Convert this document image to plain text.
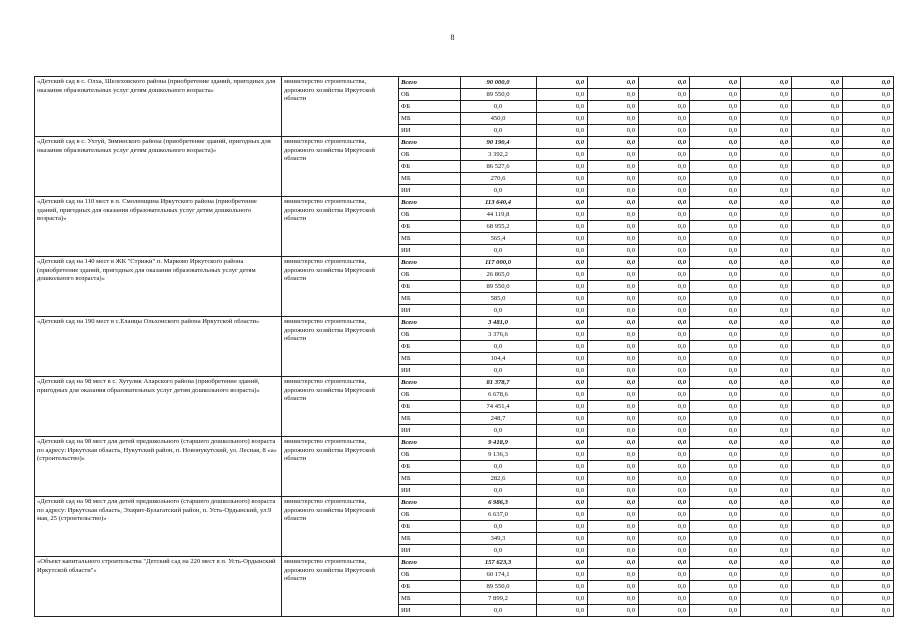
8
«Детский сад в с. Олха, Шелеховского района (приобретение зданий, пригодных для оказания образовательных услуг детям дошкольного возраста»	министерство строительства, дорожного хозяйства Иркутской области	Всего	90 000,0	0,0	0,0	0,0	0,0	0,0	0,0	0,0
		ОБ	89 550,0	0,0	0,0	0,0	0,0	0,0	0,0	0,0
		ФБ	0,0	0,0	0,0	0,0	0,0	0,0	0,0	0,0
		МБ	450,0	0,0	0,0	0,0	0,0	0,0	0,0	0,0
		ИИ	0,0	0,0	0,0	0,0	0,0	0,0	0,0	0,0
«Детский сад в с. Ухтуй, Зиминского района (приобретение зданий, пригодных для оказания образовательных услуг детям дошкольного возраста)»	министерство строительства, дорожного хозяйства Иркутской области	Всего	90 190,4	0,0	0,0	0,0	0,0	0,0	0,0	0,0
		ОБ	3 392,2	0,0	0,0	0,0	0,0	0,0	0,0	0,0
		ФБ	86 527,6	0,0	0,0	0,0	0,0	0,0	0,0	0,0
		МБ	270,6	0,0	0,0	0,0	0,0	0,0	0,0	0,0
		ИИ	0,0	0,0	0,0	0,0	0,0	0,0	0,0	0,0
«Детский сад на 110 мест в п. Смоленщина Иркутского района (приобретение зданий, пригодных для оказания образовательных услуг детям дошкольного возраста)»	министерство строительства, дорожного хозяйства Иркутской области	Всего	113 640,4	0,0	0,0	0,0	0,0	0,0	0,0	0,0
		ОБ	44 119,8	0,0	0,0	0,0	0,0	0,0	0,0	0,0
		ФБ	68 955,2	0,0	0,0	0,0	0,0	0,0	0,0	0,0
		МБ	565,4	0,0	0,0	0,0	0,0	0,0	0,0	0,0
		ИИ	0,0	0,0	0,0	0,0	0,0	0,0	0,0	0,0
«Детский сад на 140 мест в ЖК "Стрижи" п. Марково Иркутского района (приобретение зданий, пригодных для оказания образовательных услуг детям дошкольного возраста)»	министерство строительства, дорожного хозяйства Иркутской области	Всего	117 000,0	0,0	0,0	0,0	0,0	0,0	0,0	0,0
		ОБ	26 865,0	0,0	0,0	0,0	0,0	0,0	0,0	0,0
		ФБ	89 550,0	0,0	0,0	0,0	0,0	0,0	0,0	0,0
		МБ	585,0	0,0	0,0	0,0	0,0	0,0	0,0	0,0
		ИИ	0,0	0,0	0,0	0,0	0,0	0,0	0,0	0,0
«Детский сад на 190 мест в с.Еланцы Ольхонского района Иркутской области»	министерство строительства, дорожного хозяйства Иркутской области	Всего	3 481,0	0,0	0,0	0,0	0,0	0,0	0,0	0,0
		ОБ	3 376,6	0,0	0,0	0,0	0,0	0,0	0,0	0,0
		ФБ	0,0	0,0	0,0	0,0	0,0	0,0	0,0	0,0
		МБ	104,4	0,0	0,0	0,0	0,0	0,0	0,0	0,0
		ИИ	0,0	0,0	0,0	0,0	0,0	0,0	0,0	0,0
«Детский сад на 98 мест в с. Хутулик Аларского района (приобретение зданий, пригодных для оказания образовательных услуг детям дошкольного возраста)»	министерство строительства, дорожного хозяйства Иркутской области	Всего	81 378,7	0,0	0,0	0,0	0,0	0,0	0,0	0,0
		ОБ	6 678,6	0,0	0,0	0,0	0,0	0,0	0,0	0,0
		ФБ	74 451,4	0,0	0,0	0,0	0,0	0,0	0,0	0,0
		МБ	248,7	0,0	0,0	0,0	0,0	0,0	0,0	0,0
		ИИ	0,0	0,0	0,0	0,0	0,0	0,0	0,0	0,0
«Детский сад на 98 мест для детей предшкольного (старшего дошкольного) возраста по адресу: Иркутская область, Нукутский район, п. Новонукутский, ул. Лесная, 8 «а» (строительство)»	министерство строительства, дорожного хозяйства Иркутской области	Всего	9 418,9	0,0	0,0	0,0	0,0	0,0	0,0	0,0
		ОБ	9 136,3	0,0	0,0	0,0	0,0	0,0	0,0	0,0
		ФБ	0,0	0,0	0,0	0,0	0,0	0,0	0,0	0,0
		МБ	282,6	0,0	0,0	0,0	0,0	0,0	0,0	0,0
		ИИ	0,0	0,0	0,0	0,0	0,0	0,0	0,0	0,0
«Детский сад на 98 мест для детей предшкольного (старшего дошкольного) возраста по адресу: Иркутская область, Эхирит-Булагатский район, п. Усть-Ордынский, ул.9 мая, 25 (строительство)»	министерство строительства, дорожного хозяйства Иркутской области	Всего	6 986,3	0,0	0,0	0,0	0,0	0,0	0,0	0,0
		ОБ	6 637,0	0,0	0,0	0,0	0,0	0,0	0,0	0,0
		ФБ	0,0	0,0	0,0	0,0	0,0	0,0	0,0	0,0
		МБ	349,3	0,0	0,0	0,0	0,0	0,0	0,0	0,0
		ИИ	0,0	0,0	0,0	0,0	0,0	0,0	0,0	0,0
«Объект капитального строительства "Детский сад на 220 мест в п. Усть-Ордынский Иркутской области"»	министерство строительства, дорожного хозяйства Иркутской области	Всего	157 623,3	0,0	0,0	0,0	0,0	0,0	0,0	0,0
		ОБ	60 174,1	0,0	0,0	0,0	0,0	0,0	0,0	0,0
		ФБ	89 550,0	0,0	0,0	0,0	0,0	0,0	0,0	0,0
		МБ	7 899,2	0,0	0,0	0,0	0,0	0,0	0,0	0,0
		ИИ	0,0	0,0	0,0	0,0	0,0	0,0	0,0	0,0
